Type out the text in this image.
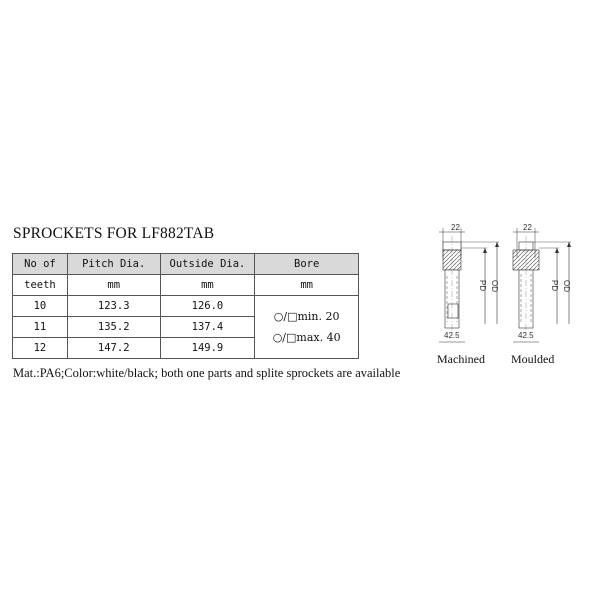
SPROCKETS FOR LF882TAB
No of	Pitch Dia.	Outside Dia.	Bore
teeth	mm	mm	mm
10	123.3	126.0	○/□min. 20
○/□max. 40

11	135.2	137.4	
12	147.2	149.9	
Mat.:PA6;Color:white/black; both one parts and splite sprockets are available
22
PD OD
42.5
22
PD OD
42.5
Machined Moulded
